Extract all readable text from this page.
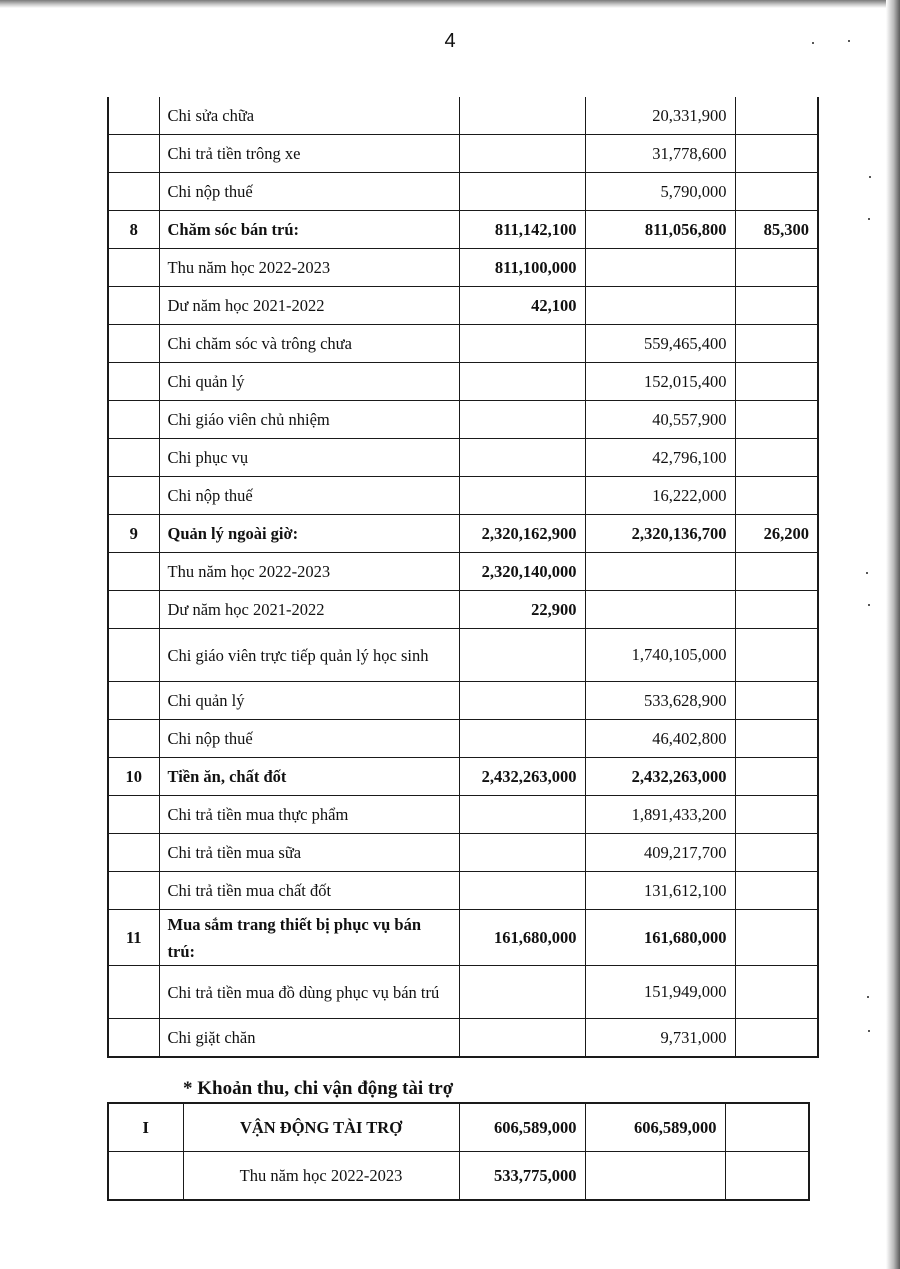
4
	Chi sửa chữa		20,331,900	
	Chi trả tiền trông xe		31,778,600	
	Chi nộp thuế		5,790,000	
8	Chăm sóc bán trú:	811,142,100	811,056,800	85,300
	Thu năm học 2022-2023	811,100,000		
	Dư năm học 2021-2022	42,100		
	Chi chăm sóc và trông chưa		559,465,400	
	Chi quản lý		152,015,400	
	Chi giáo viên chủ nhiệm		40,557,900	
	Chi phục vụ		42,796,100	
	Chi nộp thuế		16,222,000	
9	Quản lý ngoài giờ:	2,320,162,900	2,320,136,700	26,200
	Thu năm học 2022-2023	2,320,140,000		
	Dư năm học 2021-2022	22,900		
	Chi giáo viên trực tiếp quản lý học sinh		1,740,105,000	
	Chi quản lý		533,628,900	
	Chi nộp thuế		46,402,800	
10	Tiền ăn, chất đốt	2,432,263,000	2,432,263,000	
	Chi trả tiền mua thực phẩm		1,891,433,200	
	Chi trả tiền mua sữa		409,217,700	
	Chi trả tiền mua chất đốt		131,612,100	
11	Mua sắm trang thiết bị phục vụ bán trú:	161,680,000	161,680,000	
	Chi trả tiền mua đồ dùng phục vụ bán trú		151,949,000	
	Chi giặt chăn		9,731,000	
* Khoản thu, chi vận động tài trợ
I	VẬN ĐỘNG TÀI TRỢ	606,589,000	606,589,000	
	Thu năm học 2022-2023	533,775,000		
